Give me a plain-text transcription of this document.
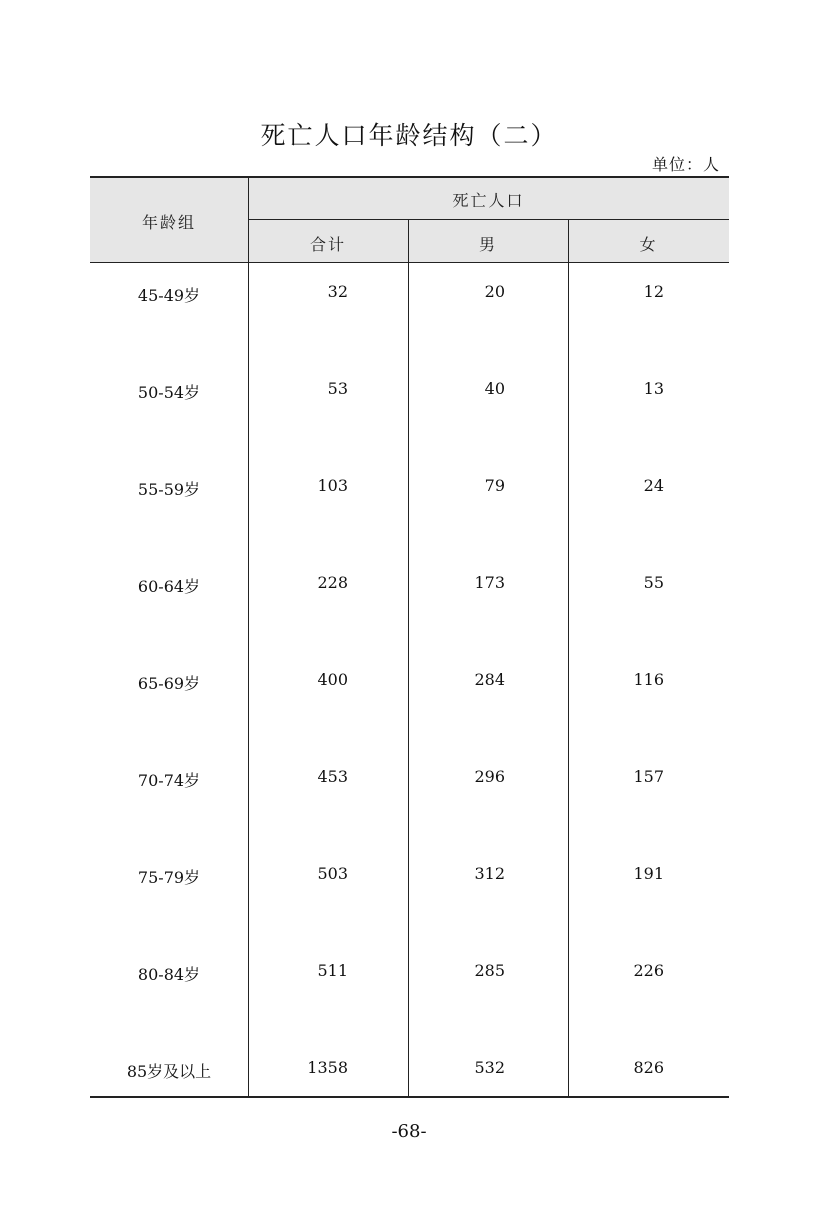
死亡人口年龄结构（二）
单位：人
年龄组
死亡人口
合计	男	女
45-49岁	32	20	12
50-54岁	53	40	13
55-59岁	103	79	24
60-64岁	228	173	55
65-69岁	400	284	116
70-74岁	453	296	157
75-79岁	503	312	191
80-84岁	511	285	226
85岁及以上	1358	532	826
-68-
